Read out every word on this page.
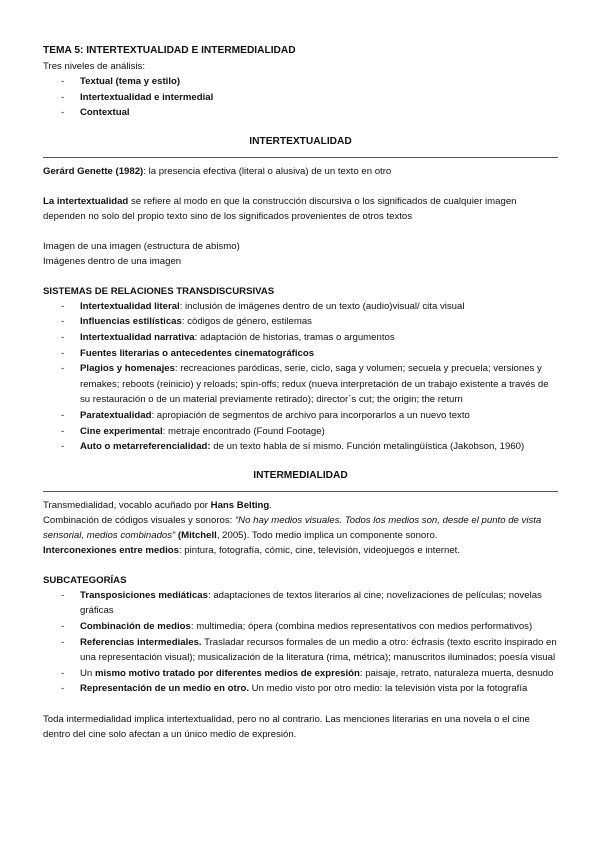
TEMA 5: INTERTEXTUALIDAD E INTERMEDIALIDAD

Tres niveles de análisis:

- Textual (tema y estilo)
- Intertextualidad e intermedial
- Contextual

INTERTEXTUALIDAD

Gerárd Genette (1982): la presencia efectiva (literal o alusiva) de un texto en otro

La intertextualidad se refiere al modo en que la construcción discursiva o los significados de cualquier imagen dependen no solo del propio texto sino de los significados provenientes de otros textos

Imagen de una imagen (estructura de abismo)

Imágenes dentro de una imagen

SISTEMAS DE RELACIONES TRANSDISCURSIVAS

- Intertextualidad literal: inclusión de imágenes dentro de un texto (audio)visual/ cita visual
- Influencias estilísticas: códigos de género, estilemas
- Intertextualidad narrativa: adaptación de historias, tramas o argumentos
- Fuentes literarias o antecedentes cinematográficos
- Plagios y homenajes: recreaciones paródicas, serie, ciclo, saga y volumen; secuela y precuela; versiones y remakes; reboots (reinicio) y reloads; spin-offs; redux (nueva interpretación de un trabajo existente a través de su restauración o de un material previamente retirado); director´s cut; the origin; the return
- Paratextualidad: apropiación de segmentos de archivo para incorporarlos a un nuevo texto
- Cine experimental: metraje encontrado (Found Footage)
- Auto o metarreferencialidad: de un texto habla de sí mismo. Función metalingüística (Jakobson, 1960)

INTERMEDIALIDAD

Transmedialidad, vocablo acuñado por Hans Belting.

Combinación de códigos visuales y sonoros: “No hay medios visuales. Todos los medios son, desde el punto de vista sensorial, medios combinados” (Mitchell, 2005). Todo medio implica un componente sonoro.

Interconexiones entre medios: pintura, fotografía, cómic, cine, televisión, videojuegos e internet.

SUBCATEGORÍAS

- Transposiciones mediáticas: adaptaciones de textos literarios al cine; novelizaciones de películas; novelas gráficas
- Combinación de medios: multimedia; ópera (combina medios representativos con medios performativos)
- Referencias intermediales. Trasladar recursos formales de un medio a otro: écfrasis (texto escrito inspirado en una representación visual); musicalización de la literatura (rima, métrica); manuscritos iluminados; poesía visual
- Un mismo motivo tratado por diferentes medios de expresión: paisaje, retrato, naturaleza muerta, desnudo
- Representación de un medio en otro. Un medio visto por otro medio: la televisión vista por la fotografía

Toda intermedialidad implica intertextualidad, pero no al contrario. Las menciones literarias en una novela o el cine dentro del cine solo afectan a un único medio de expresión.
